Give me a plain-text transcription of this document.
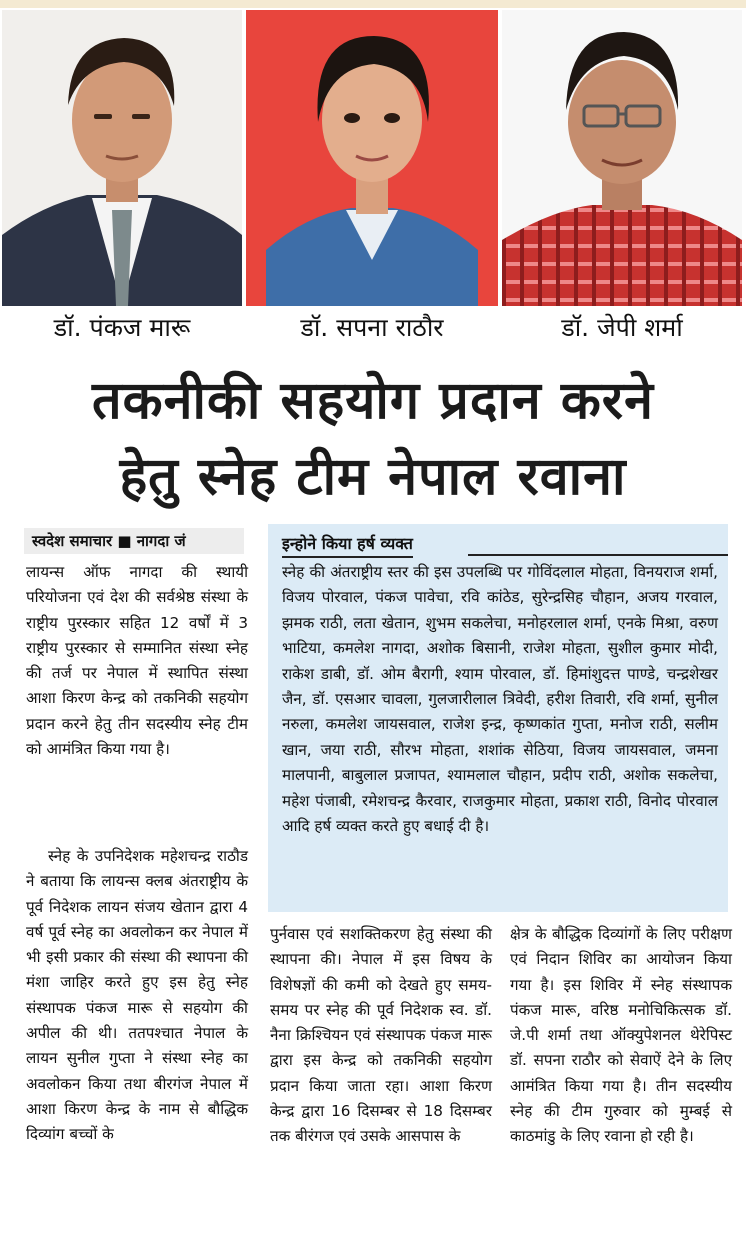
डॉ. पंकज मारू	डॉ. सपना राठौर	डॉ. जेपी शर्मा
तकनीकी सहयोग प्रदान करने
हेतु स्नेह टीम नेपाल रवाना
स्वदेश समाचार ■ नागदा जं
लायन्स ऑफ नागदा की स्थायी परियोजना एवं देश की सर्वश्रेष्ठ संस्था के राष्ट्रीय पुरस्कार सहित 12 वर्षों में 3 राष्ट्रीय पुरस्कार से सम्मानित संस्था स्नेह की तर्ज पर नेपाल में स्थापित संस्था आशा किरण केन्द्र को तकनिकी सहयोग प्रदान करने हेतु तीन सदस्यीय स्नेह टीम को आमंत्रित किया गया है।
स्नेह के उपनिदेशक महेशचन्द्र राठौड ने बताया कि लायन्स क्लब अंतराष्ट्रीय के पूर्व निदेशक लायन संजय खेतान द्वारा 4 वर्ष पूर्व स्नेह का अवलोकन कर नेपाल में भी इसी प्रकार की संस्था की स्थापना की मंशा जाहिर करते हुए इस हेतु स्नेह संस्थापक पंकज मारू से सहयोग की अपील की थी। ततपश्चात नेपाल के लायन सुनील गुप्ता ने संस्था स्नेह का अवलोकन किया तथा बीरगंज नेपाल में आशा किरण केन्द्र के नाम से बौद्धिक दिव्यांग बच्चों के
इन्होने किया हर्ष व्यक्त
स्नेह की अंतराष्ट्रीय स्तर की इस उपलब्धि पर गोविंदलाल मोहता, विनयराज शर्मा, विजय पोरवाल, पंकज पावेचा, रवि कांठेड, सुरेन्द्रसिह चौहान, अजय गरवाल, झमक राठी, लता खेतान, शुभम सकलेचा, मनोहरलाल शर्मा, एनके मिश्रा, वरुण भाटिया, कमलेश नागदा, अशोक बिसानी, राजेश मोहता, सुशील कुमार मोदी, राकेश डाबी, डॉ. ओम बैरागी, श्याम पोरवाल, डॉ. हिमांशुदत्त पाण्डे, चन्द्रशेखर जैन, डॉ. एसआर चावला, गुलजारीलाल त्रिवेदी, हरीश तिवारी, रवि शर्मा, सुनील नरुला, कमलेश जायसवाल, राजेश इन्द्र, कृष्णकांत गुप्ता, मनोज राठी, सलीम खान, जया राठी, सौरभ मोहता, शशांक सेठिया, विजय जायसवाल, जमना मालपानी, बाबुलाल प्रजापत, श्यामलाल चौहान, प्रदीप राठी, अशोक सकलेचा, महेश पंजाबी, रमेशचन्द्र कैरवार, राजकुमार मोहता, प्रकाश राठी, विनोद पोरवाल आदि हर्ष व्यक्त करते हुए बधाई दी है।
पुर्नवास एवं सशक्तिकरण हेतु संस्था की स्थापना की। नेपाल में इस विषय के विशेषज्ञों की कमी को देखते हुए समय-समय पर स्नेह की पूर्व निदेशक स्व. डॉ. नैना क्रिश्चियन एवं संस्थापक पंकज मारू द्वारा इस केन्द्र को तकनिकी सहयोग प्रदान किया जाता रहा। आशा किरण केन्द्र द्वारा 16 दिसम्बर से 18 दिसम्बर तक बीरंगज एवं उसके आसपास के
क्षेत्र के बौद्धिक दिव्यांगों के लिए परीक्षण एवं निदान शिविर का आयोजन किया गया है। इस शिविर में स्नेह संस्थापक पंकज मारू, वरिष्ठ मनोचिकित्सक डॉ. जे.पी शर्मा तथा ऑक्युपेशनल थेरेपिस्ट डॉ. सपना राठौर को सेवाऐं देने के लिए आमंत्रित किया गया है। तीन सदस्यीय स्नेह की टीम गुरुवार को मुम्बई से काठमांडु के लिए रवाना हो रही है।
